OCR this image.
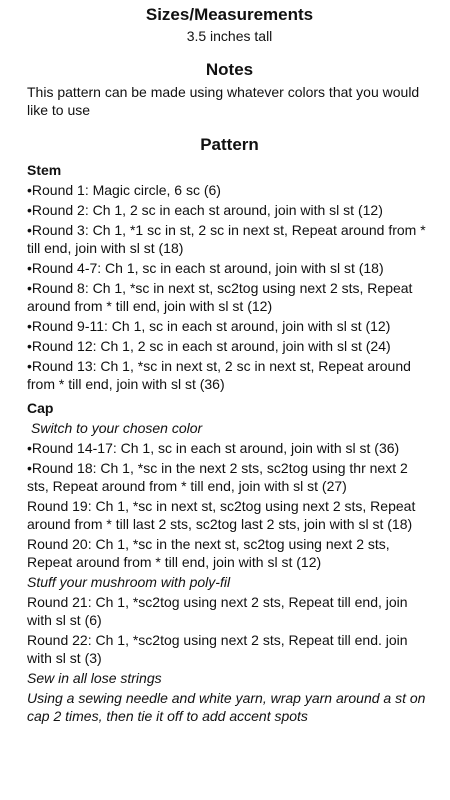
Sizes/Measurements

3.5 inches tall

Notes

This pattern can be made using whatever colors that you would like to use

Pattern
Stem
•Round 1: Magic circle, 6 sc (6)
•Round 2: Ch 1, 2 sc in each st around, join with sl st (12)
•Round 3: Ch 1, *1 sc in st, 2 sc in next st, Repeat around from * till end, join with sl st (18)
•Round 4-7: Ch 1, sc in each st around, join with sl st (18)
•Round 8: Ch 1, *sc in next st, sc2tog using next 2 sts, Repeat around from * till end, join with sl st (12)
•Round 9-11: Ch 1, sc in each st around, join with sl st (12)
•Round 12: Ch 1, 2 sc in each st around, join with sl st (24)
•Round 13: Ch 1, *sc in next st, 2 sc in next st, Repeat around from * till end, join with sl st (36)
Cap
Switch to your chosen color
•Round 14-17: Ch 1, sc in each st around, join with sl st (36)
•Round 18: Ch 1, *sc in the next 2 sts, sc2tog using thr next 2 sts, Repeat around from * till end, join with sl st (27)
Round 19: Ch 1, *sc in next st, sc2tog using next 2 sts, Repeat around from * till last 2 sts, sc2tog last 2 sts, join with sl st (18)
Round 20: Ch 1, *sc in the next st, sc2tog using next 2 sts, Repeat around from * till end, join with sl st (12)
Stuff your mushroom with poly-fil
Round 21: Ch 1, *sc2tog using next 2 sts, Repeat till end, join with sl st (6)
Round 22: Ch 1, *sc2tog using next 2 sts, Repeat till end. join with sl st (3)
Sew in all lose strings
Using a sewing needle and white yarn, wrap yarn around a st on cap 2 times, then tie it off to add accent spots
